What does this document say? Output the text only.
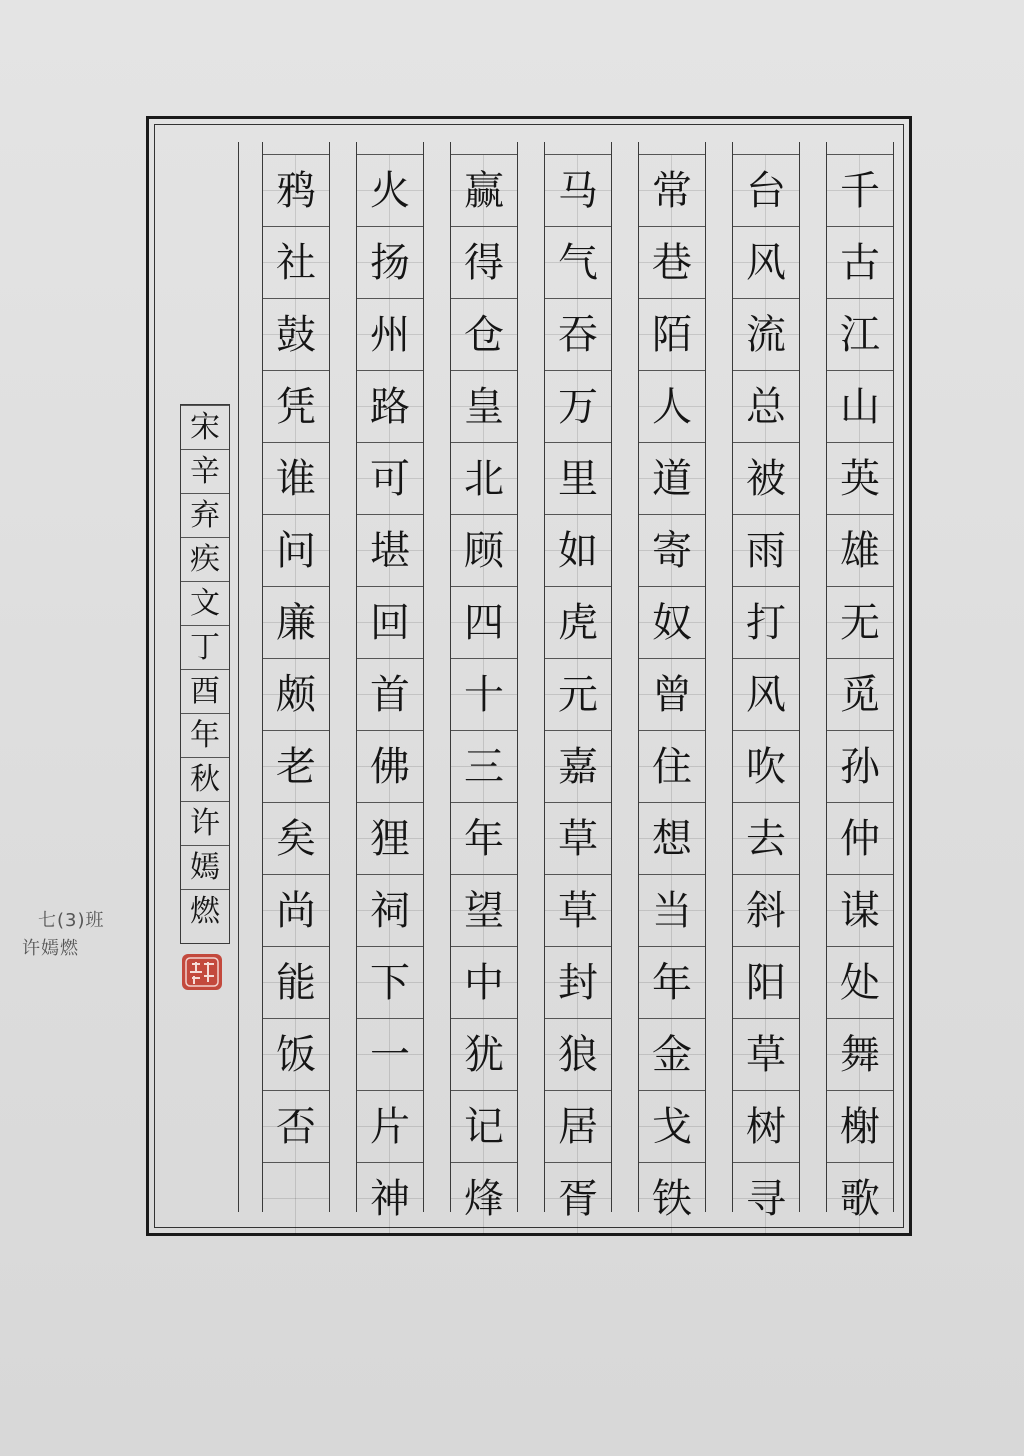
千
古
江
山
英
雄
无
觅
孙
仲
谋
处
舞
榭
歌
台
风
流
总
被
雨
打
风
吹
去
斜
阳
草
树
寻
常
巷
陌
人
道
寄
奴
曾
住
想
当
年
金
戈
铁
马
气
吞
万
里
如
虎
元
嘉
草
草
封
狼
居
胥
赢
得
仓
皇
北
顾
四
十
三
年
望
中
犹
记
烽
火
扬
州
路
可
堪
回
首
佛
狸
祠
下
一
片
神
鸦
社
鼓
凭
谁
问
廉
颇
老
矣
尚
能
饭
否
宋
辛
弃
疾
文
丁
酉
年
秋
许
嫣
燃
七(3)班
许嫣燃
